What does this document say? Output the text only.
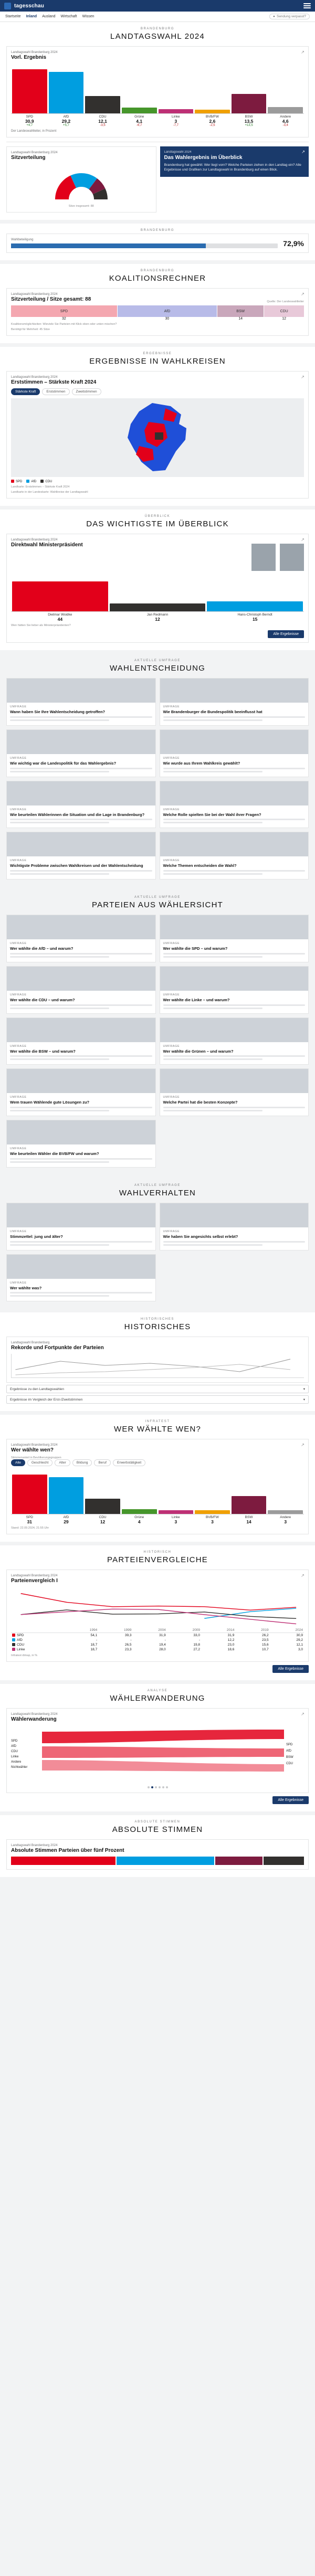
tagesschau
Startseite Inland Ausland Wirtschaft Wissen	● Sendung verpasst?
BRANDENBURG
LANDTAGSWAHL 2024
↗
Landtagswahl Brandenburg 2024
Vorl. Ergebnis
SPD
30,9
+4,7
AfD
29,2
+5,7
CDU
12,1
-3,5
Grüne
4,1
-6,7
Linke
3
-7,7
BVB/FW
2,6
-2,5
BSW
13,5
+13,5
Andere
4,6
-3,4
Der Landeswahlleiter, in Prozent
Landtagswahl Brandenburg 2024
Sitzverteilung
Sitze insgesamt: 88
↗
Landtagswahl 2024
Das Wahlergebnis im Überblick
Brandenburg hat gewählt: Wer liegt vorn? Welche Parteien ziehen in den Landtag ein? Alle Ergebnisse und Grafiken zur Landtagswahl in Brandenburg auf einen Blick.
BRANDENBURG
Wahlbeteiligung	72,9%
BRANDENBURG
KOALITIONSRECHNER
↗
Landtagswahl Brandenburg 2024
Sitzverteilung / Sitze gesamt: 88	Quelle: Der Landeswahlleiter
SPD	AfD	BSW	CDU
32	30	14	12
Koalitionsmöglichkeiten: Wieviele Sie Parteien mit Klick oben oder unten mischen?
Benötigt für Mehrheit: 45 Sitze
ERGEBNISSE
ERGEBNISSE IN WAHLKREISEN
↗
Landtagswahl Brandenburg 2024
Erststimmen – Stärkste Kraft 2024
Stärkste Kraft	Erststimmen	Zweitstimmen
SPD	AfD	CDU
Landkarte: Erststimmen – Stärkste Kraft 2024
Landkarte in der Landeskarte: Wahlkreise der Landtagswahl
ÜBERBLICK
DAS WICHTIGSTE IM ÜBERBLICK
↗
Landtagswahl Brandenburg 2024
Direktwahl Ministerpräsident
Dietmar Woidke
44
Jan Redmann
12
Hans-Christoph Berndt
15
Wen hätten Sie lieber als Ministerpräsidenten?
Alle Ergebnisse
AKTUELLE UMFRAGE
WAHLENTSCHEIDUNG
UMFRAGE
Wann haben Sie Ihre Wahlentscheidung getroffen?
UMFRAGE
Wie Brandenburger die Bundespolitik beeinflusst hat
UMFRAGE
Wie wichtig war die Landespolitik für das Wahlergebnis?
UMFRAGE
Wie wurde aus Ihrem Wahlkreis gewählt?
UMFRAGE
Wie beurteilen Wählerinnen die Situation und die Lage in Brandenburg?
UMFRAGE
Welche Rolle spielten Sie bei der Wahl ihrer Fragen?
UMFRAGE
Wichtigste Probleme zwischen Wahlkreisen und der Wahlentscheidung
UMFRAGE
Welche Themen entscheiden die Wahl?
AKTUELLE UMFRAGE
PARTEIEN AUS WÄHLERSICHT
UMFRAGE
Wer wählte die AfD – und warum?
UMFRAGE
Wer wählte die SPD – und warum?
UMFRAGE
Wer wählte die CDU – und warum?
UMFRAGE
Wer wählte die Linke – und warum?
UMFRAGE
Wer wählte die BSW – und warum?
UMFRAGE
Wer wählte die Grünen – und warum?
UMFRAGE
Wem trauen Wählende gute Lösungen zu?
UMFRAGE
Welche Partei hat die besten Konzepte?
UMFRAGE
Wie beurteilen Wähler die BVB/FW und warum?
AKTUELLE UMFRAGE
WAHLVERHALTEN
UMFRAGE
Stimmzettel: jung und älter?
UMFRAGE
Wie haben Sie angesichts selbst erlebt?
UMFRAGE
Wer wählte was?
HISTORISCHES
HISTORISCHES
Landtagswahl Brandenburg
Rekorde und Fortpunkte der Parteien
Ergebnisse zu den Landtagswahlen	▾
Ergebnisse im Vergleich der Erst-/Zweitstimmen	▾
INFRATEST
WER WÄHLTE WEN?
↗
Landtagswahl Brandenburg 2024
Wer wählte wen?
Stimmenanteil in Bevölkerungsgruppen
Alle	Geschlecht	Alter	Bildung	Beruf	Erwerbstätigkeit
SPD
31
AfD
29
CDU
12
Grüne
4
Linke
3
BVB/FW
3
BSW
14
Andere
3
Stand: 22.09.2024, 21:55 Uhr
HISTORISCH
PARTEIENVERGLEICHE
↗
Landtagswahl Brandenburg 2024
Parteienvergleich I
	1994	1999	2004	2009	2014	2019	2024
SPD	54,1	39,3	31,9	33,0	31,9	26,2	30,9
AfD	-	-	-	-	12,2	23,5	29,2
CDU	18,7	26,5	19,4	19,8	23,0	15,6	12,1
Linke	18,7	23,3	28,0	27,2	18,6	10,7	3,0
Infratest dimap, in %
Alle Ergebnisse
ANALYSE
WÄHLERWANDERUNG
↗
Landtagswahl Brandenburg 2024
Wählerwanderung
SPD
AfD
CDU
Linke
Andere
Nichtwähler
SPD
AfD
BSW
CDU
Alle Ergebnisse
ABSOLUTE STIMMEN
ABSOLUTE STIMMEN
Landtagswahl Brandenburg 2024
Absolute Stimmen Parteien über fünf Prozent
